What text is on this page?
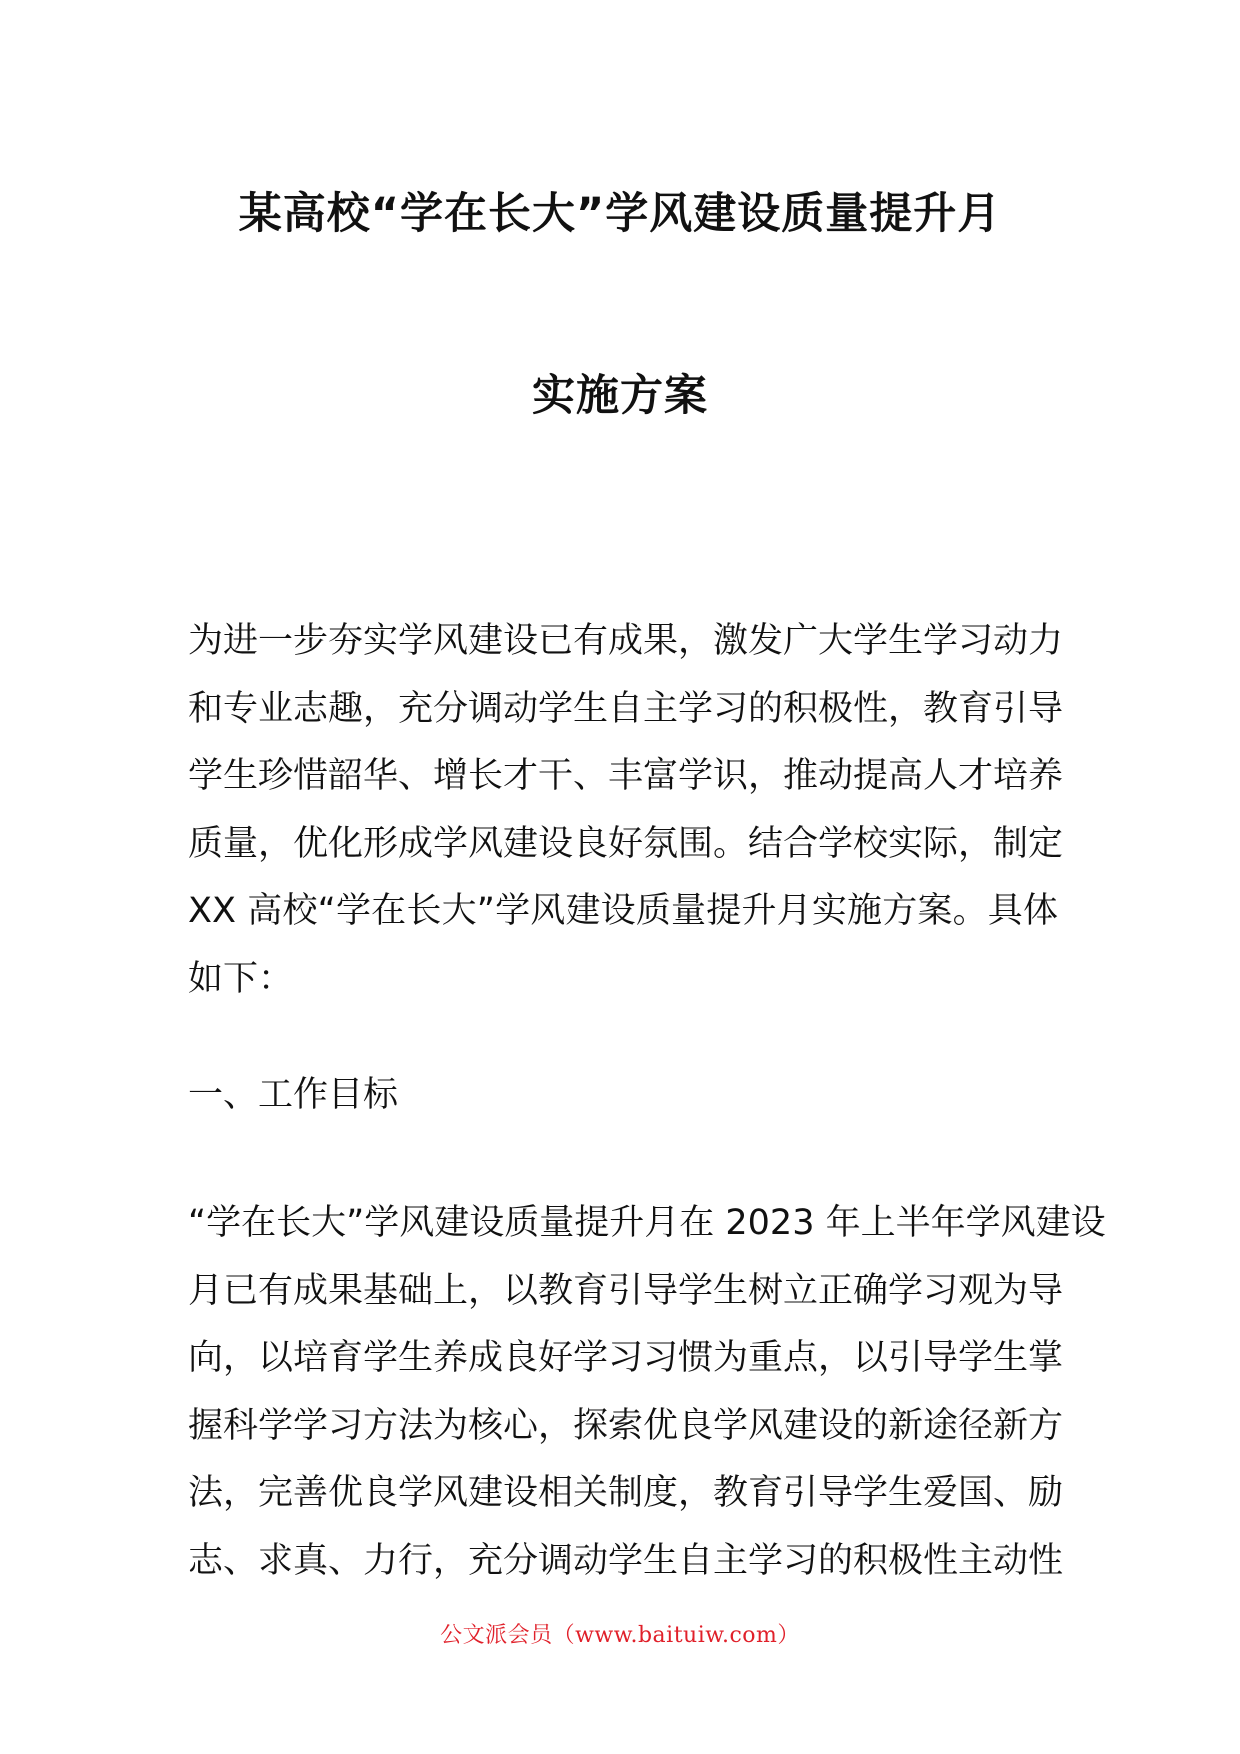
某高校“学在长大”学风建设质量提升月
实施方案
为进一步夯实学风建设已有成果，激发广大学生学习动力
和专业志趣，充分调动学生自主学习的积极性，教育引导
学生珍惜韶华、增长才干、丰富学识，推动提高人才培养
质量，优化形成学风建设良好氛围。结合学校实际，制定
XX 高校“学在长大”学风建设质量提升月实施方案。具体
如下：
一、工作目标
“学在长大”学风建设质量提升月在 2023 年上半年学风建设
月已有成果基础上，以教育引导学生树立正确学习观为导
向，以培育学生养成良好学习习惯为重点，以引导学生掌
握科学学习方法为核心，探索优良学风建设的新途径新方
法，完善优良学风建设相关制度，教育引导学生爱国、励
志、求真、力行，充分调动学生自主学习的积极性主动性
公文派会员（www.baituiw.com）
